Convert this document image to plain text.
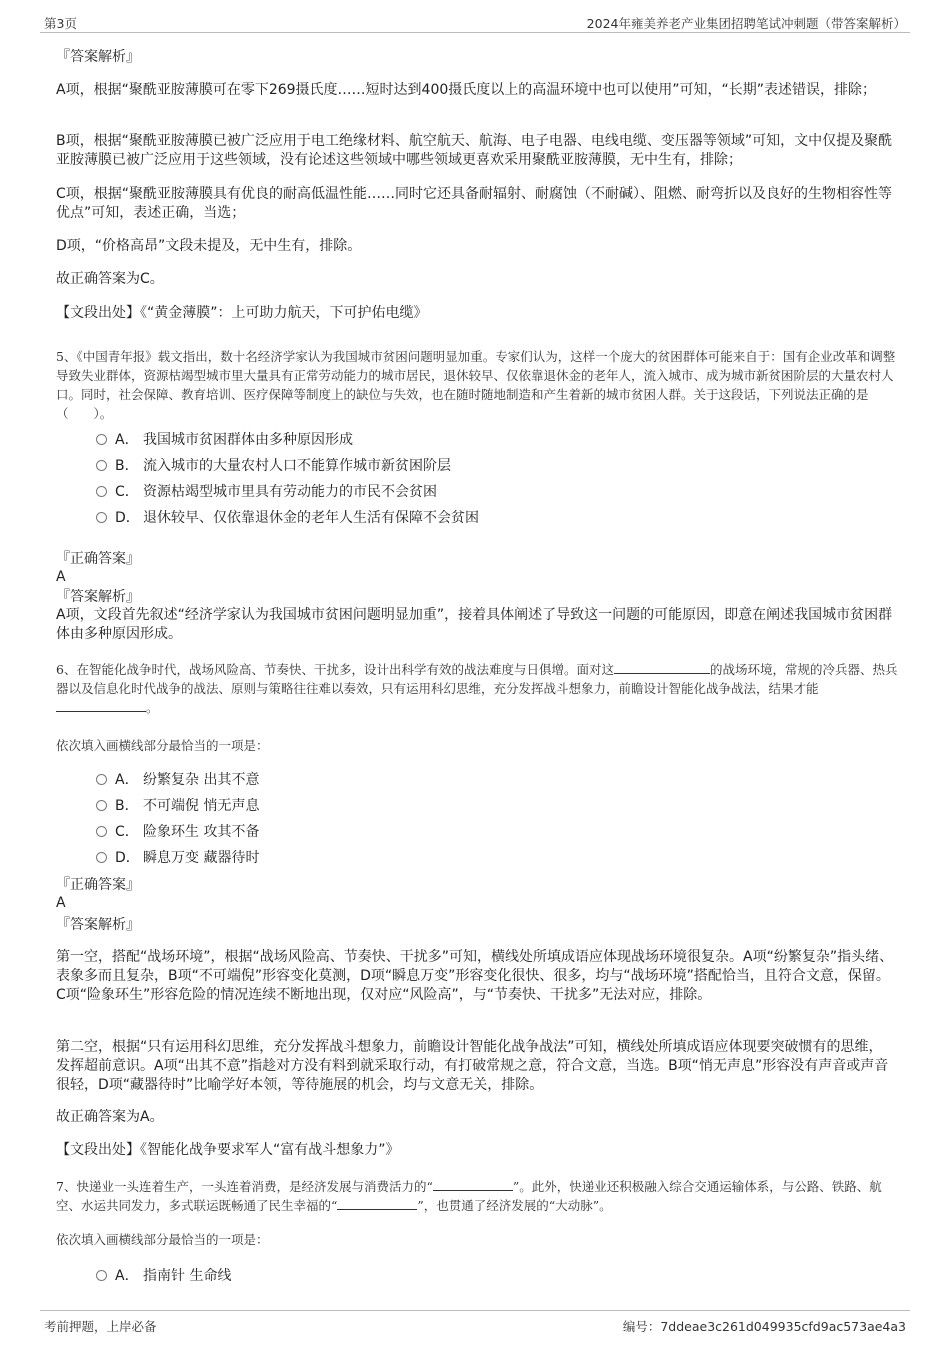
第3页	2024年雍美养老产业集团招聘笔试冲刺题（带答案解析）
『答案解析』
A项，根据“聚酰亚胺薄膜可在零下269摄氏度……短时达到400摄氏度以上的高温环境中也可以使用”可知，“长期”表述错误，排除；
B项，根据“聚酰亚胺薄膜已被广泛应用于电工绝缘材料、航空航天、航海、电子电器、电线电缆、变压器等领域”可知，文中仅提及聚酰亚胺薄膜已被广泛应用于这些领域，没有论述这些领域中哪些领域更喜欢采用聚酰亚胺薄膜，无中生有，排除；
C项，根据“聚酰亚胺薄膜具有优良的耐高低温性能……同时它还具备耐辐射、耐腐蚀（不耐碱）、阻燃、耐弯折以及良好的生物相容性等优点”可知，表述正确，当选；
D项，“价格高昂”文段未提及，无中生有，排除。
故正确答案为C。
【文段出处】《“黄金薄膜”：上可助力航天，下可护佑电缆》
5、《中国青年报》载文指出，数十名经济学家认为我国城市贫困问题明显加重。专家们认为，这样一个庞大的贫困群体可能来自于：国有企业改革和调整导致失业群体，资源枯竭型城市里大量具有正常劳动能力的城市居民，退休较早、仅依靠退休金的老年人，流入城市、成为城市新贫困阶层的大量农村人口。同时，社会保障、教育培训、医疗保障等制度上的缺位与失效，也在随时随地制造和产生着新的城市贫困人群。关于这段话，下列说法正确的是（　　）。
A． 我国城市贫困群体由多种原因形成
B． 流入城市的大量农村人口不能算作城市新贫困阶层
C． 资源枯竭型城市里具有劳动能力的市民不会贫困
D． 退休较早、仅依靠退休金的老年人生活有保障不会贫困
『正确答案』
A
『答案解析』
A项，文段首先叙述“经济学家认为我国城市贫困问题明显加重”，接着具体阐述了导致这一问题的可能原因，即意在阐述我国城市贫困群体由多种原因形成。
6、在智能化战争时代，战场风险高、节奏快、干扰多，设计出科学有效的战法难度与日俱增。面对这	的战场环境，常规的冷兵器、热兵器以及信息化时代战争的战法、原则与策略往往难以奏效，只有运用科幻思维，充分发挥战斗想象力，前瞻设计智能化战争战法，结果才能。
依次填入画横线部分最恰当的一项是：
A． 纷繁复杂 出其不意
B． 不可端倪 悄无声息
C． 险象环生 攻其不备
D． 瞬息万变 藏器待时
『正确答案』
A
『答案解析』
第一空，搭配“战场环境”，根据“战场风险高、节奏快、干扰多”可知，横线处所填成语应体现战场环境很复杂。A项“纷繁复杂”指头绪、表象多而且复杂，B项“不可端倪”形容变化莫测，D项“瞬息万变”形容变化很快、很多，均与“战场环境”搭配恰当，且符合文意，保留。C项“险象环生”形容危险的情况连续不断地出现，仅对应“风险高”，与“节奏快、干扰多”无法对应，排除。
第二空，根据“只有运用科幻思维，充分发挥战斗想象力，前瞻设计智能化战争战法”可知，横线处所填成语应体现要突破惯有的思维，发挥超前意识。A项“出其不意”指趁对方没有料到就采取行动，有打破常规之意，符合文意，当选。B项“悄无声息”形容没有声音或声音很轻，D项“藏器待时”比喻学好本领，等待施展的机会，均与文意无关，排除。
故正确答案为A。
【文段出处】《智能化战争要求军人“富有战斗想象力”》
7、快递业一头连着生产，一头连着消费，是经济发展与消费活力的“	”。此外，快递业还积极融入综合交通运输体系，与公路、铁路、航空、水运共同发力，多式联运既畅通了民生幸福的“	”，也贯通了经济发展的“大动脉”。
依次填入画横线部分最恰当的一项是：
A． 指南针 生命线
考前押题，上岸必备	编号：7ddeae3c261d049935cfd9ac573ae4a3
